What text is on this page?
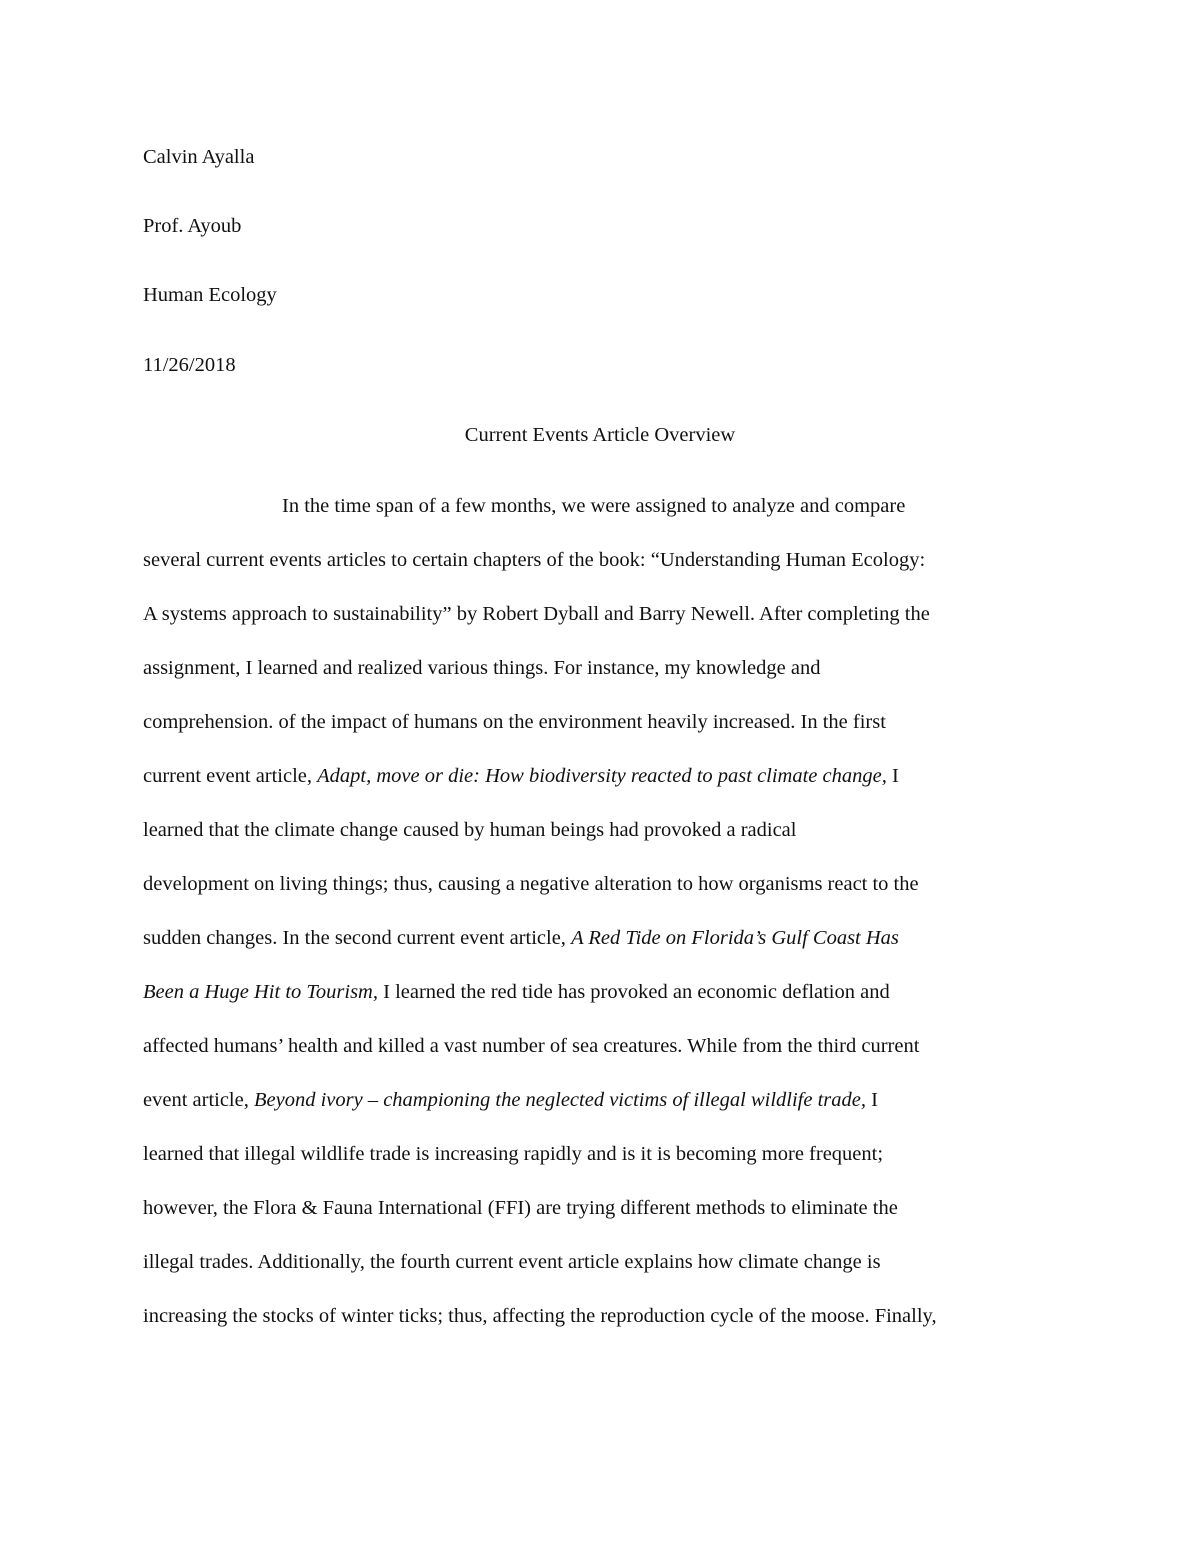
Calvin Ayalla
Prof. Ayoub
Human Ecology
11/26/2018
Current Events Article Overview
In the time span of a few months, we were assigned to analyze and compare
several current events articles to certain chapters of the book: “Understanding Human Ecology:
A systems approach to sustainability” by Robert Dyball and Barry Newell. After completing the
assignment, I learned and realized various things. For instance, my knowledge and
comprehension. of the impact of humans on the environment heavily increased. In the first
current event article, Adapt, move or die: How biodiversity reacted to past climate change, I
learned that the climate change caused by human beings had provoked a radical
development on living things; thus, causing a negative alteration to how organisms react to the
sudden changes. In the second current event article, A Red Tide on Florida’s Gulf Coast Has
Been a Huge Hit to Tourism, I learned the red tide has provoked an economic deflation and
affected humans’ health and killed a vast number of sea creatures. While from the third current
event article, Beyond ivory – championing the neglected victims of illegal wildlife trade, I
learned that illegal wildlife trade is increasing rapidly and is it is becoming more frequent;
however, the Flora & Fauna International (FFI) are trying different methods to eliminate the
illegal trades. Additionally, the fourth current event article explains how climate change is
increasing the stocks of winter ticks; thus, affecting the reproduction cycle of the moose. Finally,
